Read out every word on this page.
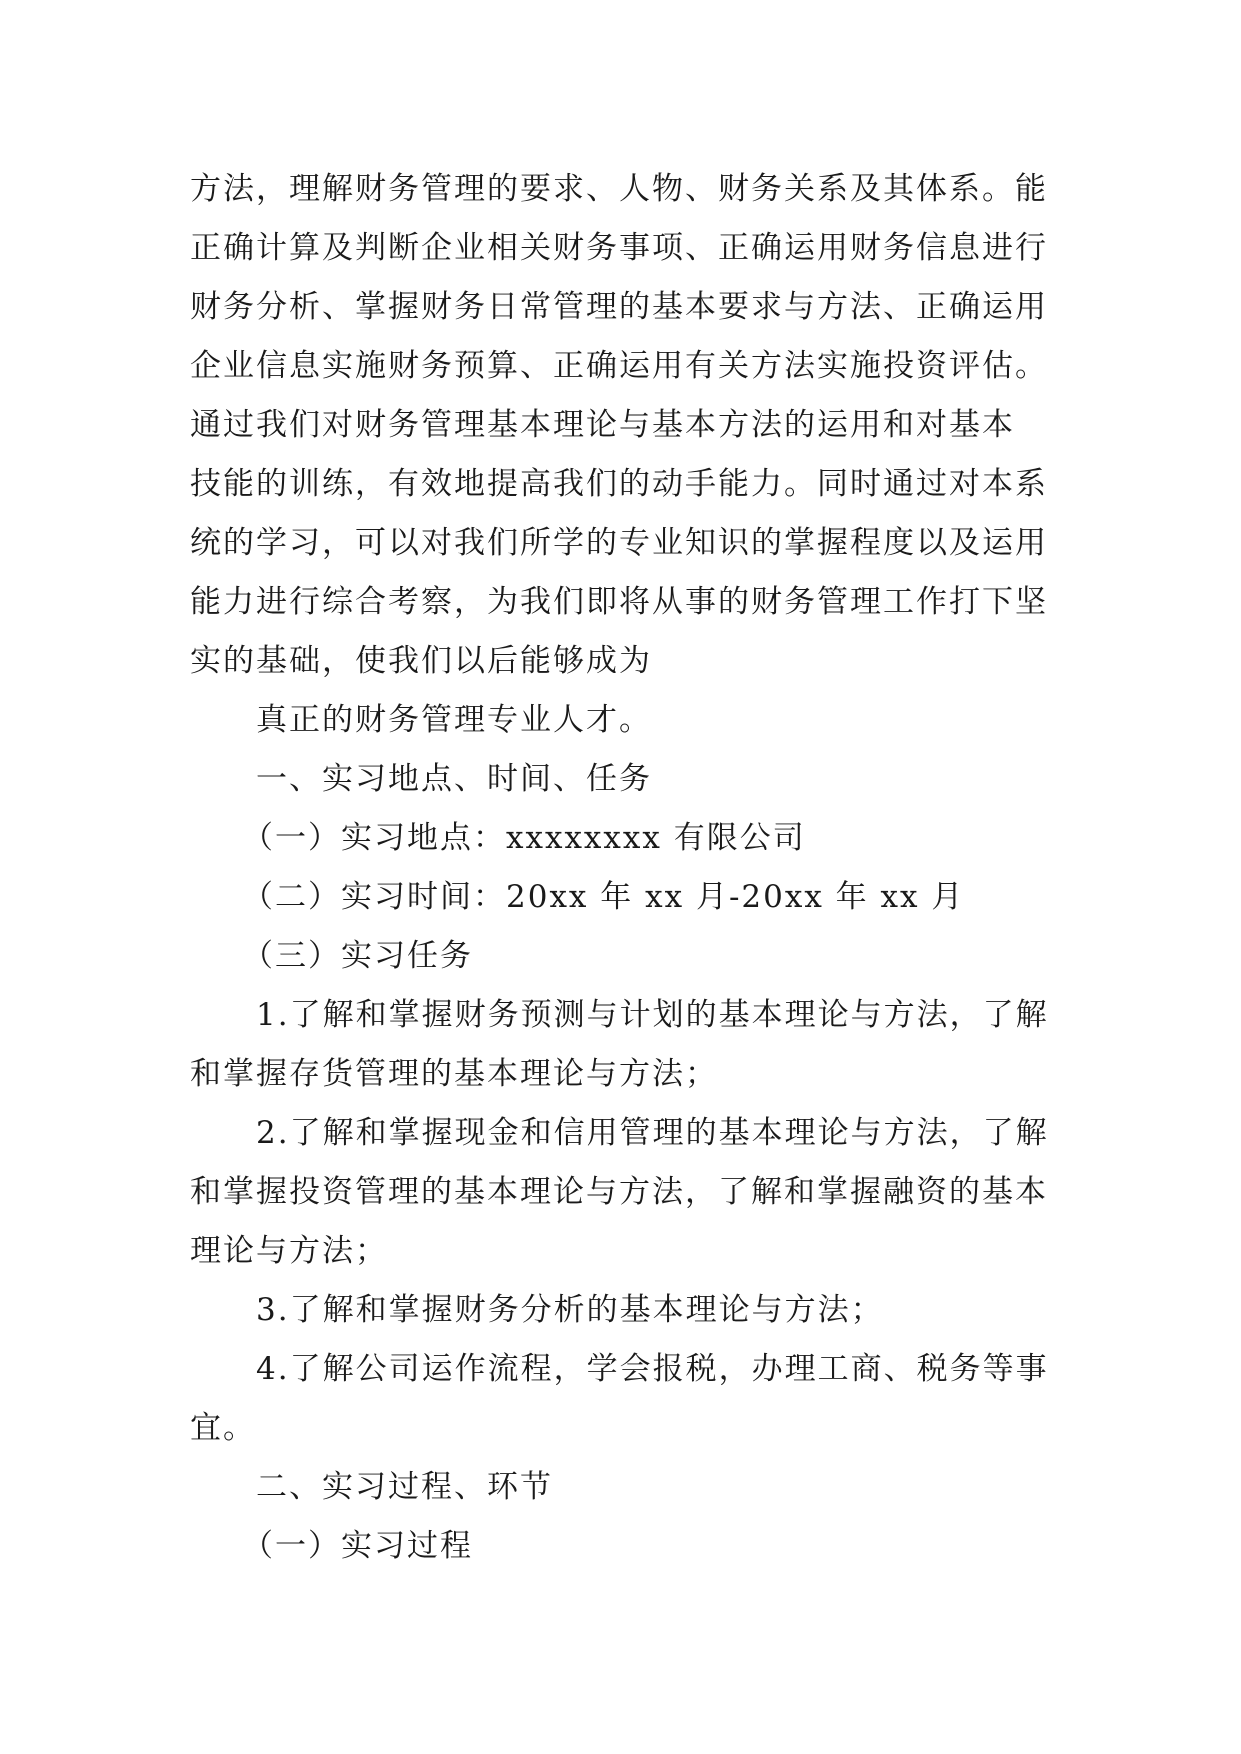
方法，理解财务管理的要求、人物、财务关系及其体系。能
正确计算及判断企业相关财务事项、正确运用财务信息进行
财务分析、掌握财务日常管理的基本要求与方法、正确运用
企业信息实施财务预算、正确运用有关方法实施投资评估。
通过我们对财务管理基本理论与基本方法的运用和对基本
技能的训练，有效地提高我们的动手能力。同时通过对本系
统的学习，可以对我们所学的专业知识的掌握程度以及运用
能力进行综合考察，为我们即将从事的财务管理工作打下坚
实的基础，使我们以后能够成为
真正的财务管理专业人才。
一、实习地点、时间、任务
（一）实习地点：xxxxxxxx 有限公司
（二）实习时间：20xx 年 xx 月-20xx 年 xx 月
（三）实习任务
1.了解和掌握财务预测与计划的基本理论与方法，了解
和掌握存货管理的基本理论与方法；
2.了解和掌握现金和信用管理的基本理论与方法，了解
和掌握投资管理的基本理论与方法，了解和掌握融资的基本
理论与方法；
3.了解和掌握财务分析的基本理论与方法；
4.了解公司运作流程，学会报税，办理工商、税务等事
宜。
二、实习过程、环节
（一）实习过程
